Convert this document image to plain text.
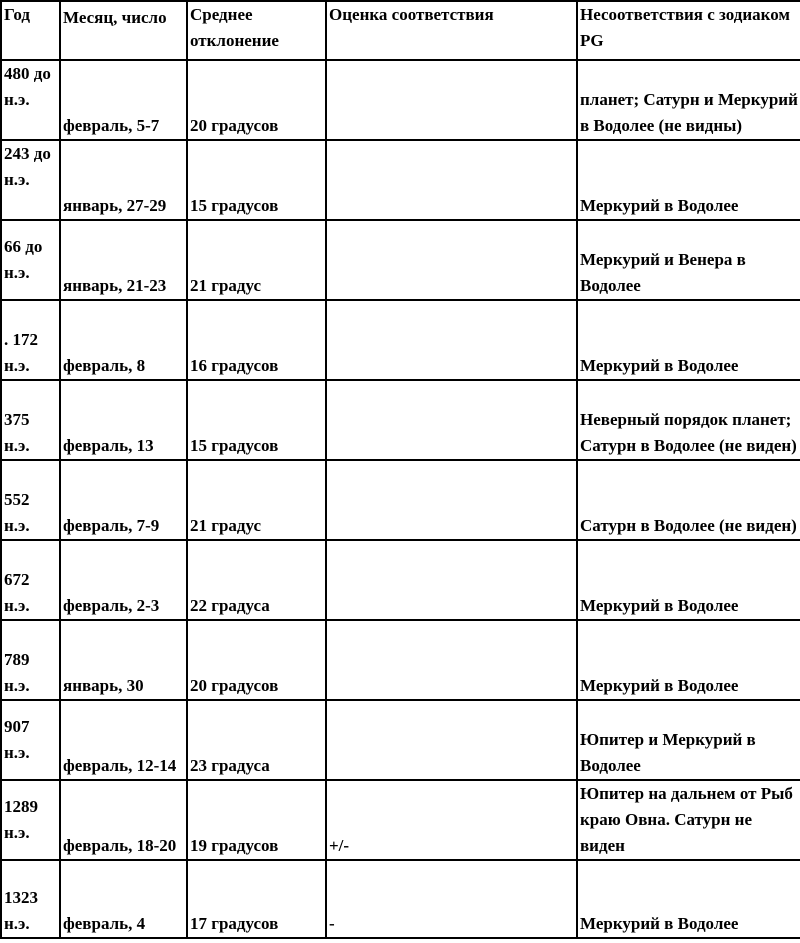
Год	Месяц, число	Среднее отклонение	Оценка соответствия	Несоответствия с зодиаком PG
480 до н.э.	февраль, 5-7	20 градусов		планет; Сатурн и Меркурий в Водолее (не видны)
243 до н.э.	январь, 27-29	15 градусов		Меркурий в Водолее
66 до н.э.	январь, 21-23	21 градус		Меркурий и Венера в Водолее
. 172 н.э.	февраль, 8	16 градусов		Меркурий в Водолее
375 н.э.	февраль, 13	15 градусов		Неверный порядок планет; Сатурн в Водолее (не виден)
552 н.э.	февраль, 7-9	21 градус		Сатурн в Водолее (не виден)
672 н.э.	февраль, 2-3	22 градуса		Меркурий в Водолее
789 н.э.	январь, 30	20 градусов		Меркурий в Водолее
907 н.э.	февраль, 12-14	23 градуса		Юпитер и Меркурий в Водолее
1289 н.э.	февраль, 18-20	19 градусов	+/-	Юпитер на дальнем от Рыб краю Овна. Сатурн не виден
1323 н.э.	февраль, 4	17 градусов	-	Меркурий в Водолее
